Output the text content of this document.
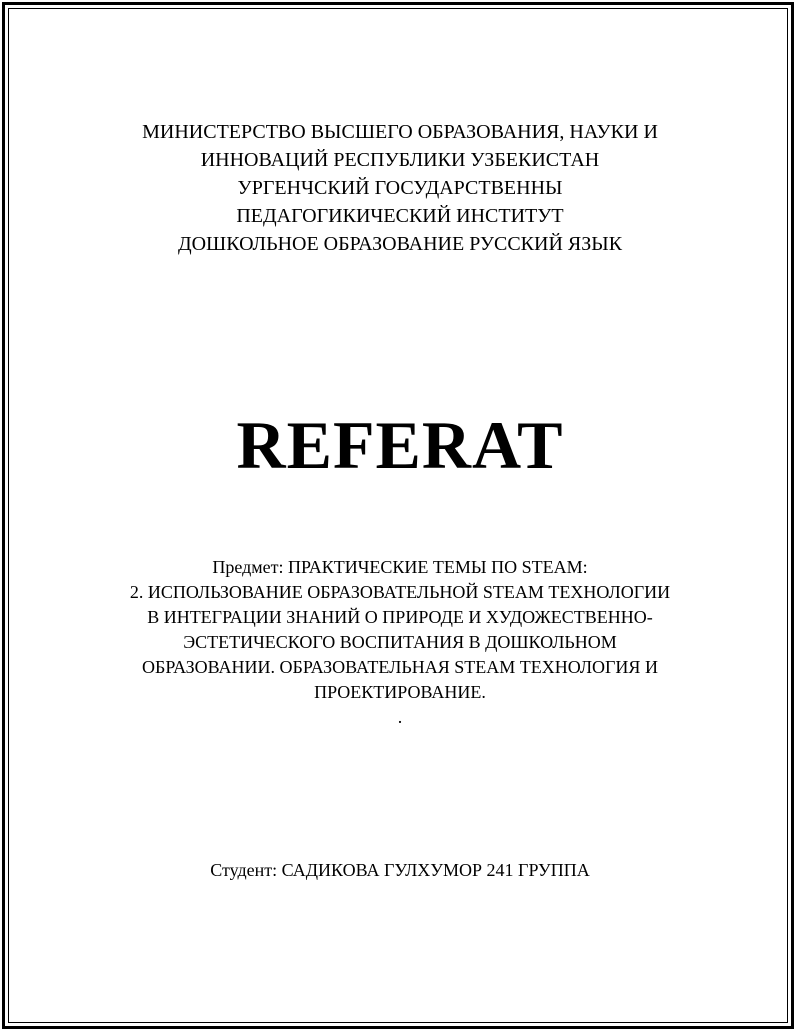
МИНИСТЕРСТВО ВЫСШЕГО ОБРАЗОВАНИЯ, НАУКИ И
ИННОВАЦИЙ РЕСПУБЛИКИ УЗБЕКИСТАН
УРГЕНЧСКИЙ ГОСУДАРСТВЕННЫ
ПЕДАГОГИКИЧЕСКИЙ ИНСТИТУТ
ДОШКОЛЬНОЕ ОБРАЗОВАНИЕ РУССКИЙ ЯЗЫК
REFERAT
Предмет: ПРАКТИЧЕСКИЕ ТЕМЫ ПО STEAM:
2. ИСПОЛЬЗОВАНИЕ ОБРАЗОВАТЕЛЬНОЙ STEAM ТЕХНОЛОГИИ
В ИНТЕГРАЦИИ ЗНАНИЙ О ПРИРОДЕ И ХУДОЖЕСТВЕННО-
ЭСТЕТИЧЕСКОГО ВОСПИТАНИЯ В ДОШКОЛЬНОМ
ОБРАЗОВАНИИ. ОБРАЗОВАТЕЛЬНАЯ STEAM ТЕХНОЛОГИЯ И
ПРОЕКТИРОВАНИЕ.
.
Студент: САДИКОВА ГУЛХУМОР 241 ГРУППА
